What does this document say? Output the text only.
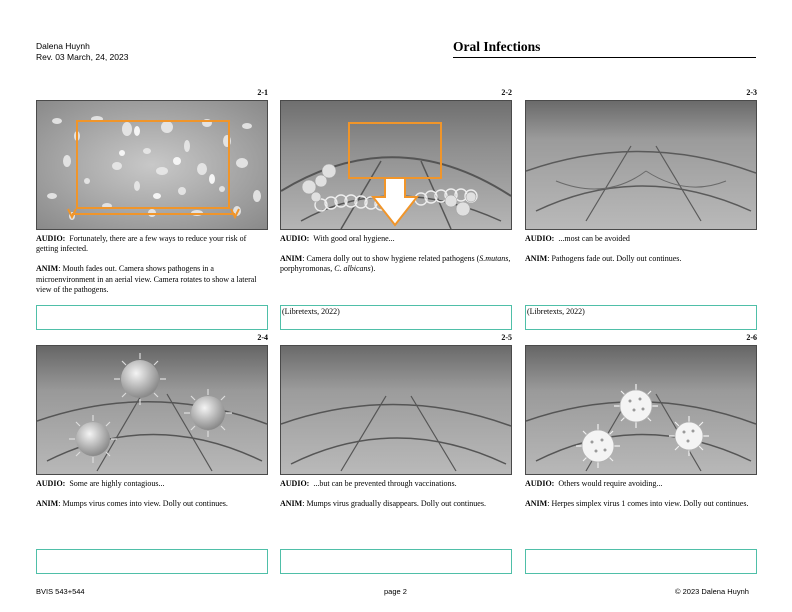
Dalena Huynh
Rev. 03 March, 24, 2023
Oral Infections
2-1

AUDIO: Fortunately, there are a few ways to reduce your risk of getting infected.

ANIM: Mouth fades out. Camera shows pathogens in a microenvironment in an aerial view. Camera rotates to show a lateral view of the pathogens.

2-2

AUDIO: With good oral hygiene...

ANIM: Camera dolly out to show hygiene related pathogens (S.mutans, porphyromonas, C. albicans).

(Libretexts, 2022)
2-3

AUDIO: ...most can be avoided

ANIM: Pathogens fade out. Dolly out continues.

(Libretexts, 2022)
2-4

AUDIO: Some are highly contagious...

ANIM: Mumps virus comes into view. Dolly out continues.

2-5

AUDIO: ...but can be prevented through vaccinations.

ANIM: Mumps virus gradually disappears. Dolly out continues.

2-6

AUDIO: Others would require avoiding...

ANIM: Herpes simplex virus 1 comes into view. Dolly out continues.

BVIS 543+544	page 2	© 2023 Dalena Huynh
